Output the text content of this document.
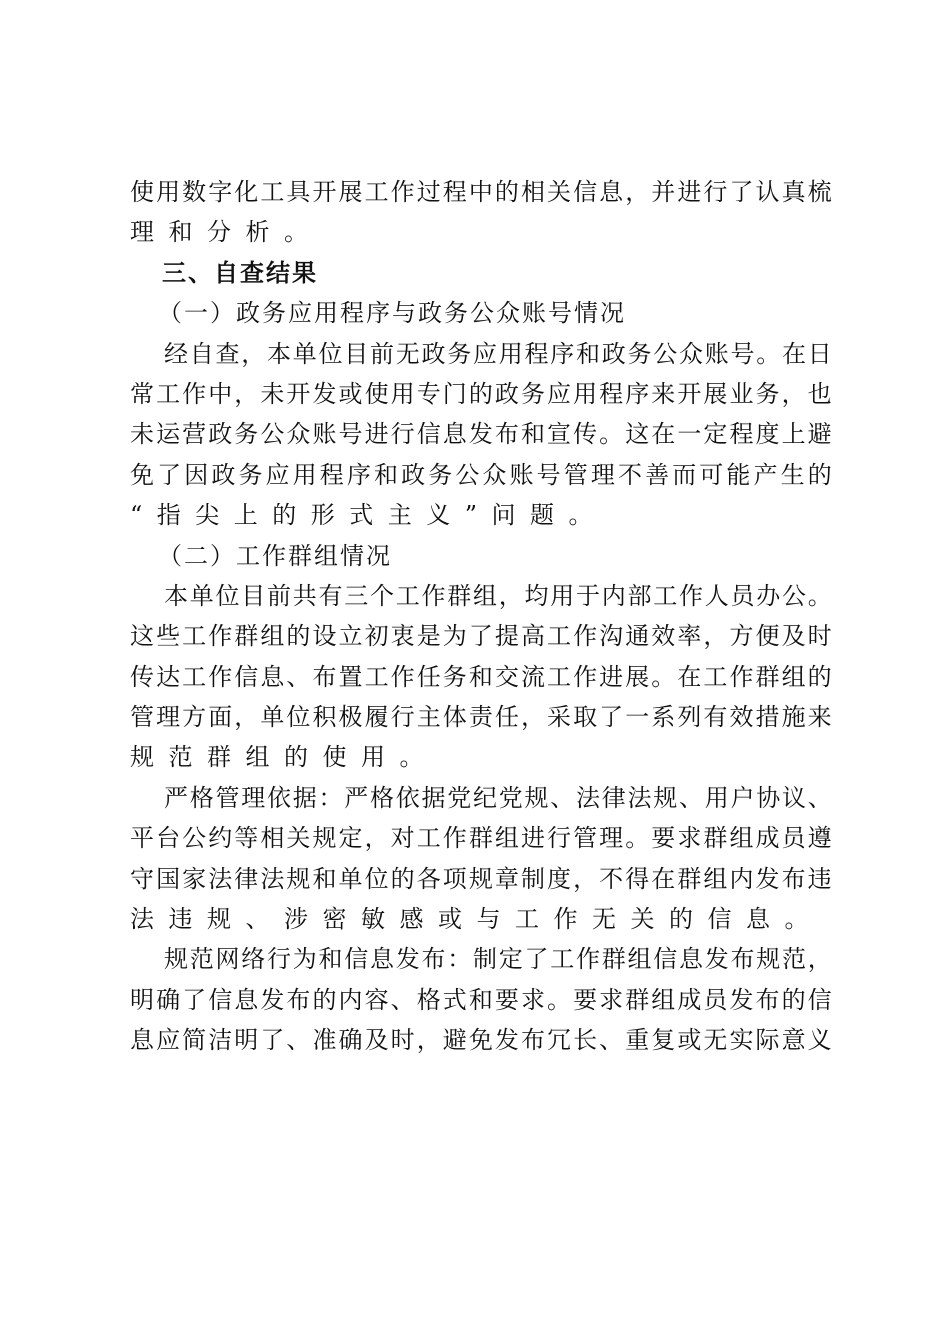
使 用 数 字 化 工 具 开 展 工 作 过 程 中 的 相 关 信 息 ， 并 进 行 了 认 真 梳
理和分析。
三、自查结果
（一）政务应用程序与政务公众账号情况
经 自 查 ， 本 单 位 目 前 无 政 务 应 用 程 序 和 政 务 公 众 账 号 。 在 日
常 工 作 中 ， 未 开 发 或 使 用 专 门 的 政 务 应 用 程 序 来 开 展 业 务 ， 也
未 运 营 政 务 公 众 账 号 进 行 信 息 发 布 和 宣 传 。 这 在 一 定 程 度 上 避
免 了 因 政 务 应 用 程 序 和 政 务 公 众 账 号 管 理 不 善 而 可 能 产 生 的
“指尖上的形式主义”问题。
（二）工作群组情况
本 单 位 目 前 共 有 三 个 工 作 群 组 ， 均 用 于 内 部 工 作 人 员 办 公 。
这 些 工 作 群 组 的 设 立 初 衷 是 为 了 提 高 工 作 沟 通 效 率 ， 方 便 及 时
传 达 工 作 信 息 、 布 置 工 作 任 务 和 交 流 工 作 进 展 。 在 工 作 群 组 的
管 理 方 面 ， 单 位 积 极 履 行 主 体 责 任 ， 采 取 了 一 系 列 有 效 措 施 来
规范群组的使用。
严 格 管 理 依 据 ： 严 格 依 据 党 纪 党 规 、 法 律 法 规 、 用 户 协 议 、
平 台 公 约 等 相 关 规 定 ， 对 工 作 群 组 进 行 管 理 。 要 求 群 组 成 员 遵
守 国 家 法 律 法 规 和 单 位 的 各 项 规 章 制 度 ， 不 得 在 群 组 内 发 布 违
法违规、涉密敏感或与工作无关的信息。
规 范 网 络 行 为 和 信 息 发 布 ： 制 定 了 工 作 群 组 信 息 发 布 规 范 ，
明 确 了 信 息 发 布 的 内 容 、 格 式 和 要 求 。 要 求 群 组 成 员 发 布 的 信
息 应 简 洁 明 了 、 准 确 及 时 ， 避 免 发 布 冗 长 、 重 复 或 无 实 际 意 义
